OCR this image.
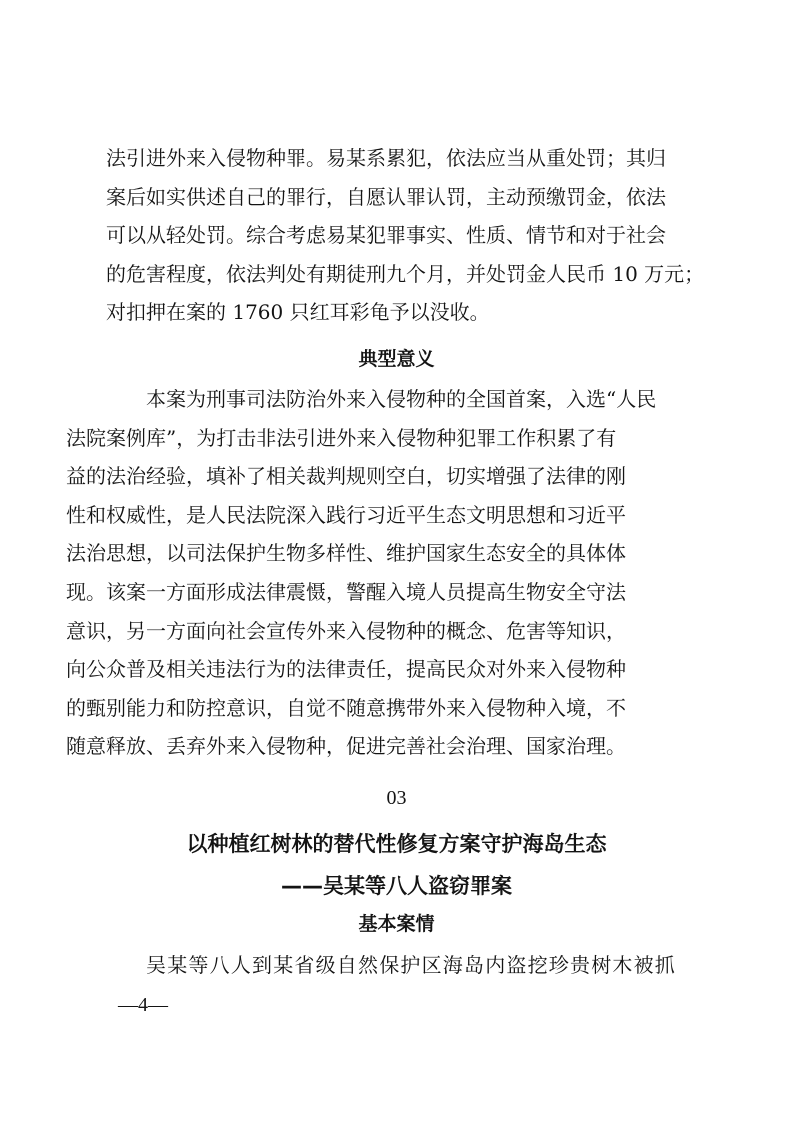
法引进外来入侵物种罪。易某系累犯，依法应当从重处罚；其归
案后如实供述自己的罪行，自愿认罪认罚，主动预缴罚金，依法
可以从轻处罚。综合考虑易某犯罪事实、性质、情节和对于社会
的危害程度，依法判处有期徒刑九个月，并处罚金人民币 10 万元；
对扣押在案的 1760 只红耳彩龟予以没收。
典型意义
本案为刑事司法防治外来入侵物种的全国首案，入选“人民
法院案例库”，为打击非法引进外来入侵物种犯罪工作积累了有
益的法治经验，填补了相关裁判规则空白，切实增强了法律的刚
性和权威性，是人民法院深入践行习近平生态文明思想和习近平
法治思想，以司法保护生物多样性、维护国家生态安全的具体体
现。该案一方面形成法律震慑，警醒入境人员提高生物安全守法
意识，另一方面向社会宣传外来入侵物种的概念、危害等知识，
向公众普及相关违法行为的法律责任，提高民众对外来入侵物种
的甄别能力和防控意识，自觉不随意携带外来入侵物种入境，不
随意释放、丢弃外来入侵物种，促进完善社会治理、国家治理。
03
以种植红树林的替代性修复方案守护海岛生态
——吴某等八人盗窃罪案
基本案情
吴某等八人到某省级自然保护区海岛内盗挖珍贵树木被抓
—4—
